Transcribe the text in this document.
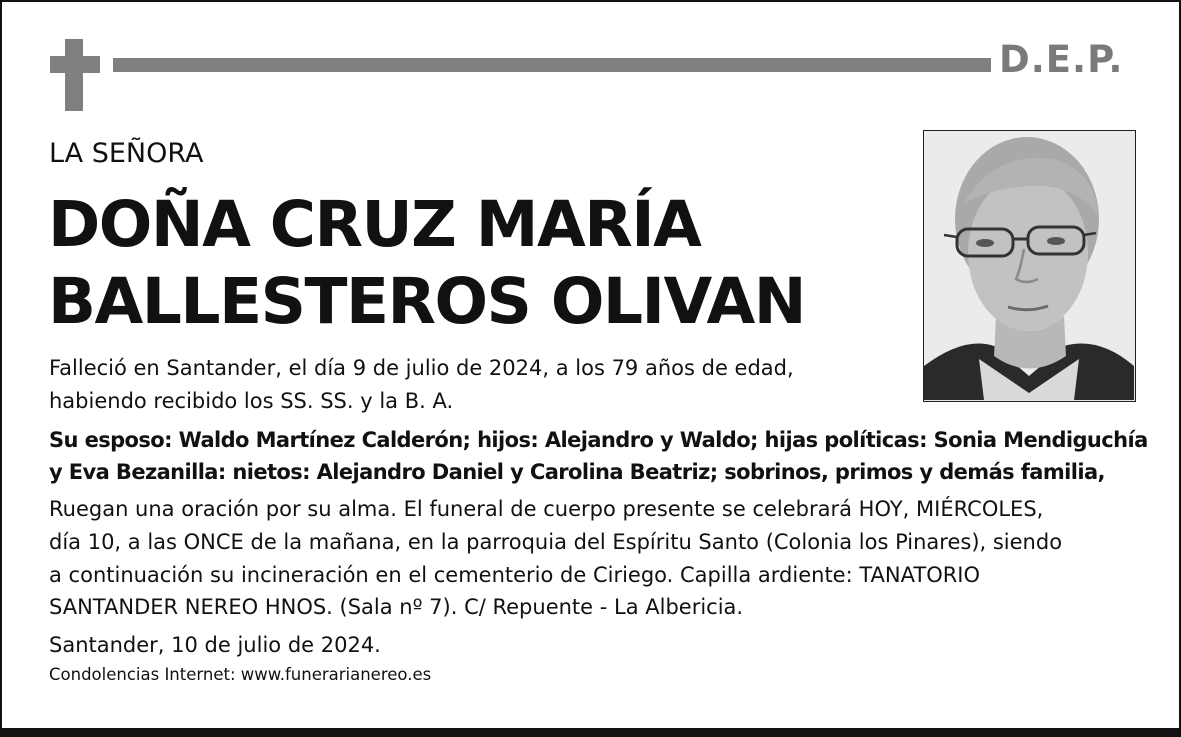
D.E.P.
LA SEÑORA
DOÑA CRUZ MARÍA
BALLESTEROS OLIVAN
Falleció en Santander, el día 9 de julio de 2024, a los 79 años de edad,
habiendo recibido los SS. SS. y la B. A.
Su esposo: Waldo Martínez Calderón; hijos: Alejandro y Waldo; hijas políticas: Sonia Mendiguchía
y Eva Bezanilla: nietos: Alejandro Daniel y Carolina Beatriz; sobrinos, primos y demás familia,
Ruegan una oración por su alma. El funeral de cuerpo presente se celebrará HOY, MIÉRCOLES,
día 10, a las ONCE de la mañana, en la parroquia del Espíritu Santo (Colonia los Pinares), siendo
a continuación su incineración en el cementerio de Ciriego. Capilla ardiente: TANATORIO
SANTANDER NEREO HNOS. (Sala nº 7). C/ Repuente - La Albericia.
Santander, 10 de julio de 2024.
Condolencias Internet: www.funerarianereo.es
